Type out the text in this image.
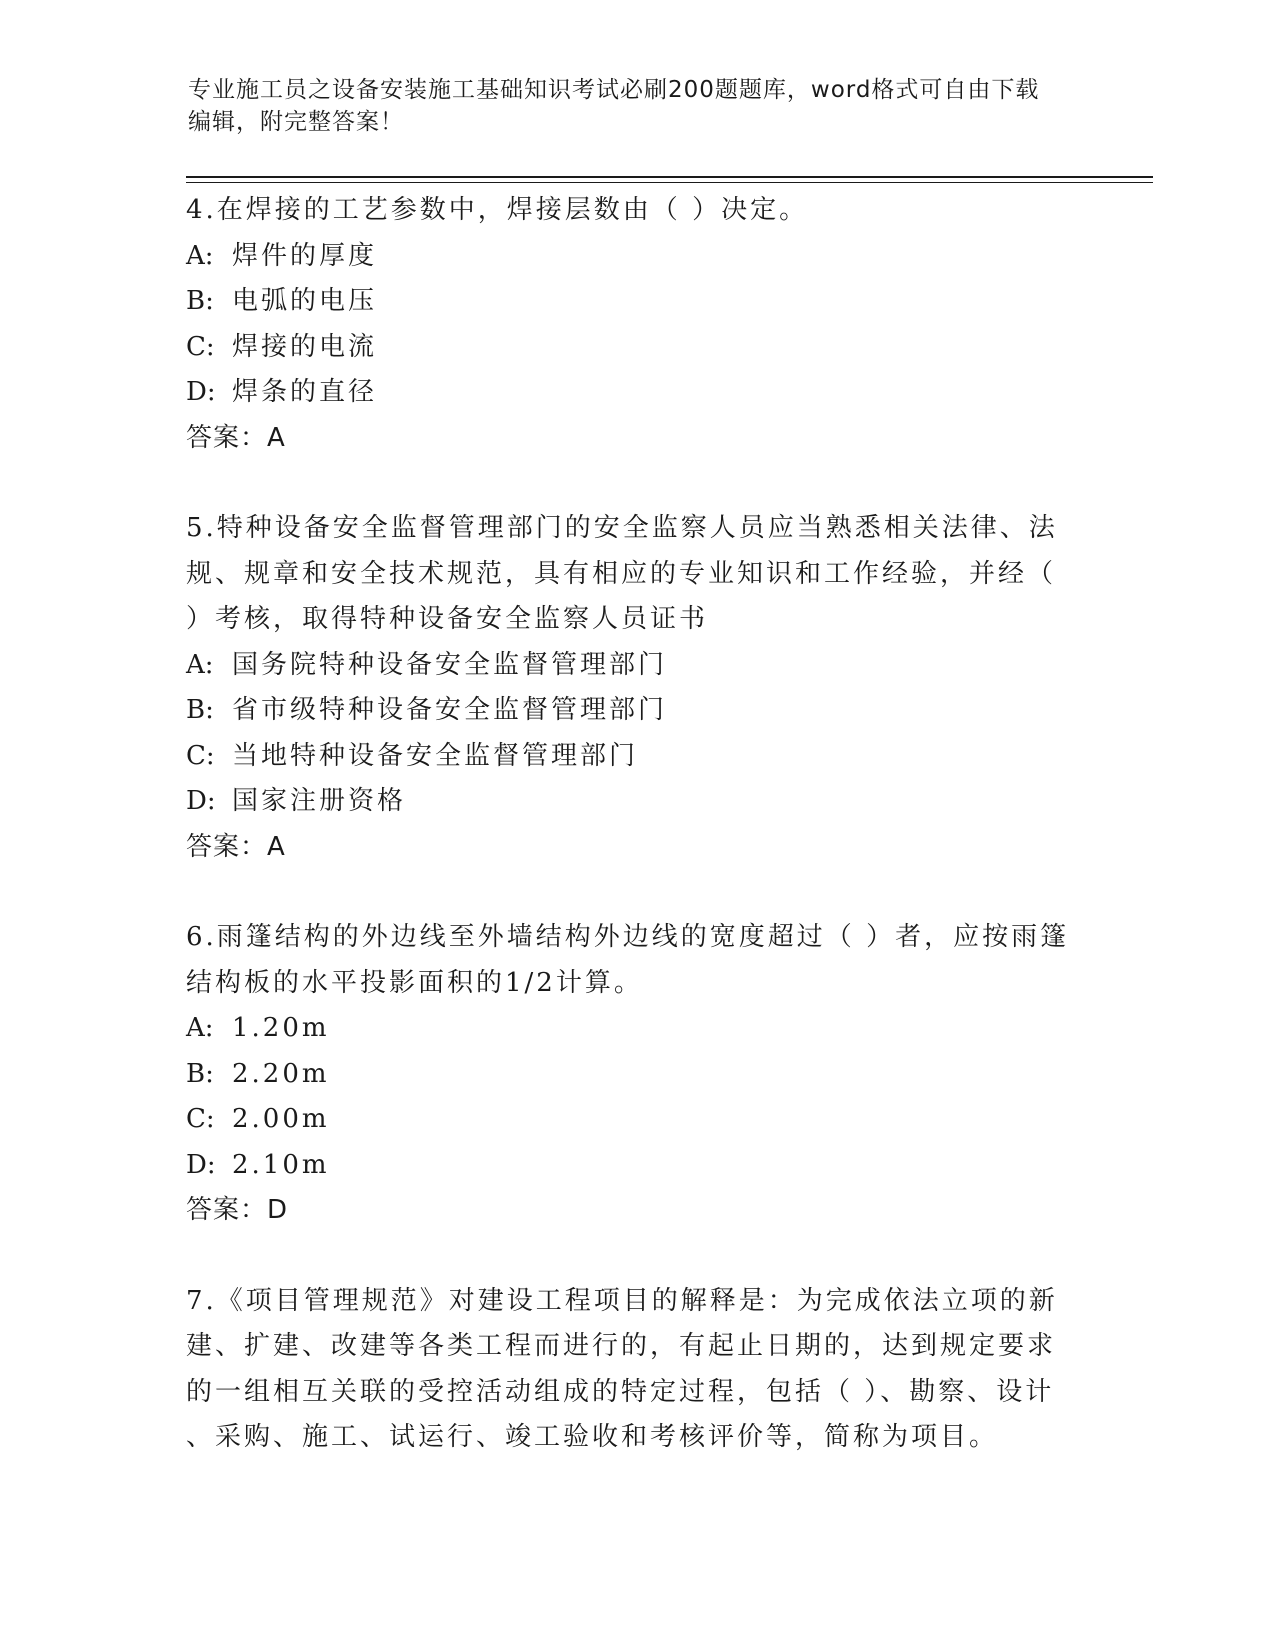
专业施工员之设备安装施工基础知识考试必刷200题题库，word格式可自由下载
编辑，附完整答案！
4.在焊接的工艺参数中，焊接层数由（ ）决定。
A: 焊件的厚度
B: 电弧的电压
C: 焊接的电流
D: 焊条的直径
答案：A
5.特种设备安全监督管理部门的安全监察人员应当熟悉相关法律、法
规、规章和安全技术规范，具有相应的专业知识和工作经验，并经（
）考核，取得特种设备安全监察人员证书
A: 国务院特种设备安全监督管理部门
B: 省市级特种设备安全监督管理部门
C: 当地特种设备安全监督管理部门
D: 国家注册资格
答案：A
6.雨篷结构的外边线至外墙结构外边线的宽度超过（ ）者，应按雨篷
结构板的水平投影面积的1/2计算。
A: 1.20m
B: 2.20m
C: 2.00m
D: 2.10m
答案：D
7.《项目管理规范》对建设工程项目的解释是：为完成依法立项的新
建、扩建、改建等各类工程而进行的，有起止日期的，达到规定要求
的一组相互关联的受控活动组成的特定过程，包括（ ）、勘察、设计
、采购、施工、试运行、竣工验收和考核评价等，简称为项目。
